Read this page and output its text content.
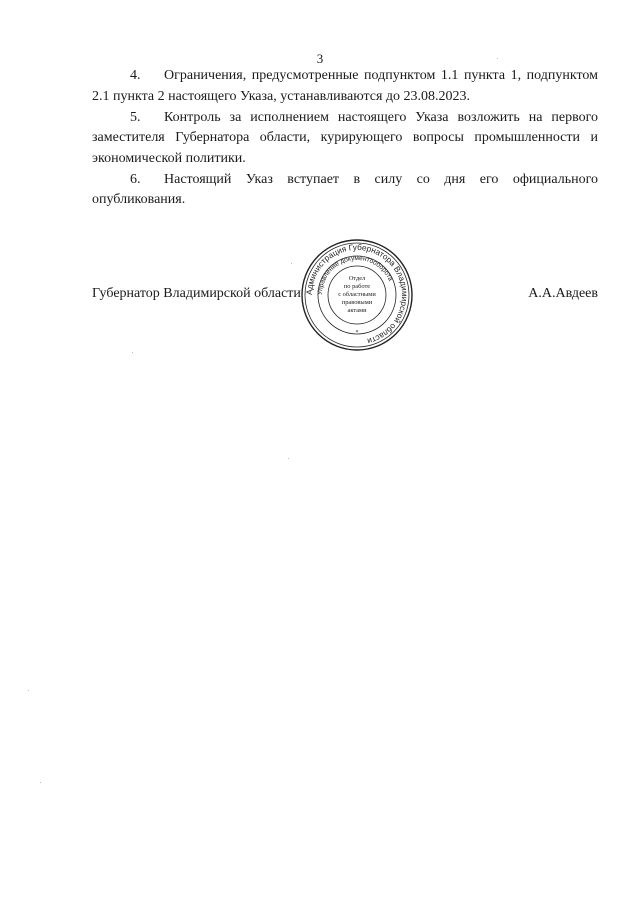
3

4. Ограничения, предусмотренные подпунктом 1.1 пункта 1, подпунктом 2.1 пункта 2 настоящего Указа, устанавливаются до 23.08.2023.

5. Контроль за исполнением настоящего Указа возложить на первого заместителя Губернатора области, курирующего вопросы промышленности и экономической политики.

6. Настоящий Указ вступает в силу со дня его официального опубликования.

Губернатор Владимирской области	А.А.Авдеев
Администрация Губернатора Владимирской области
Управление документооборота
*
Отдел
по работе
с областными
правовыми
актами
